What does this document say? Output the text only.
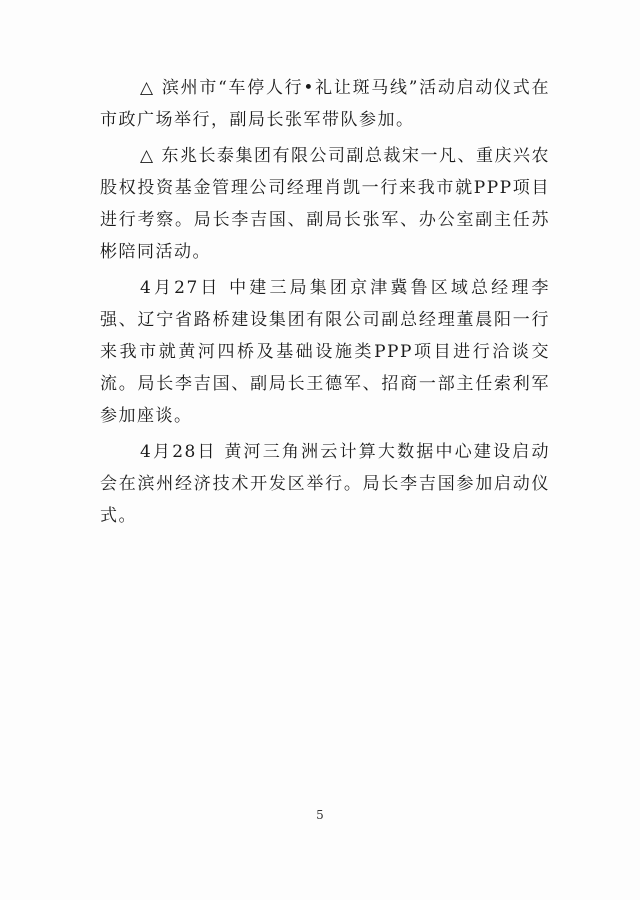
△ 滨州市“车停人行•礼让斑马线”活动启动仪式在市政广场举行，副局长张军带队参加。

△ 东兆长泰集团有限公司副总裁宋一凡、重庆兴农股权投资基金管理公司经理肖凯一行来我市就PPP项目进行考察。局长李吉国、副局长张军、办公室副主任苏彬陪同活动。

4月27日 中建三局集团京津冀鲁区域总经理李强、辽宁省路桥建设集团有限公司副总经理董晨阳一行来我市就黄河四桥及基础设施类PPP项目进行洽谈交流。局长李吉国、副局长王德军、招商一部主任索利军参加座谈。

4月28日 黄河三角洲云计算大数据中心建设启动会在滨州经济技术开发区举行。局长李吉国参加启动仪式。

5
